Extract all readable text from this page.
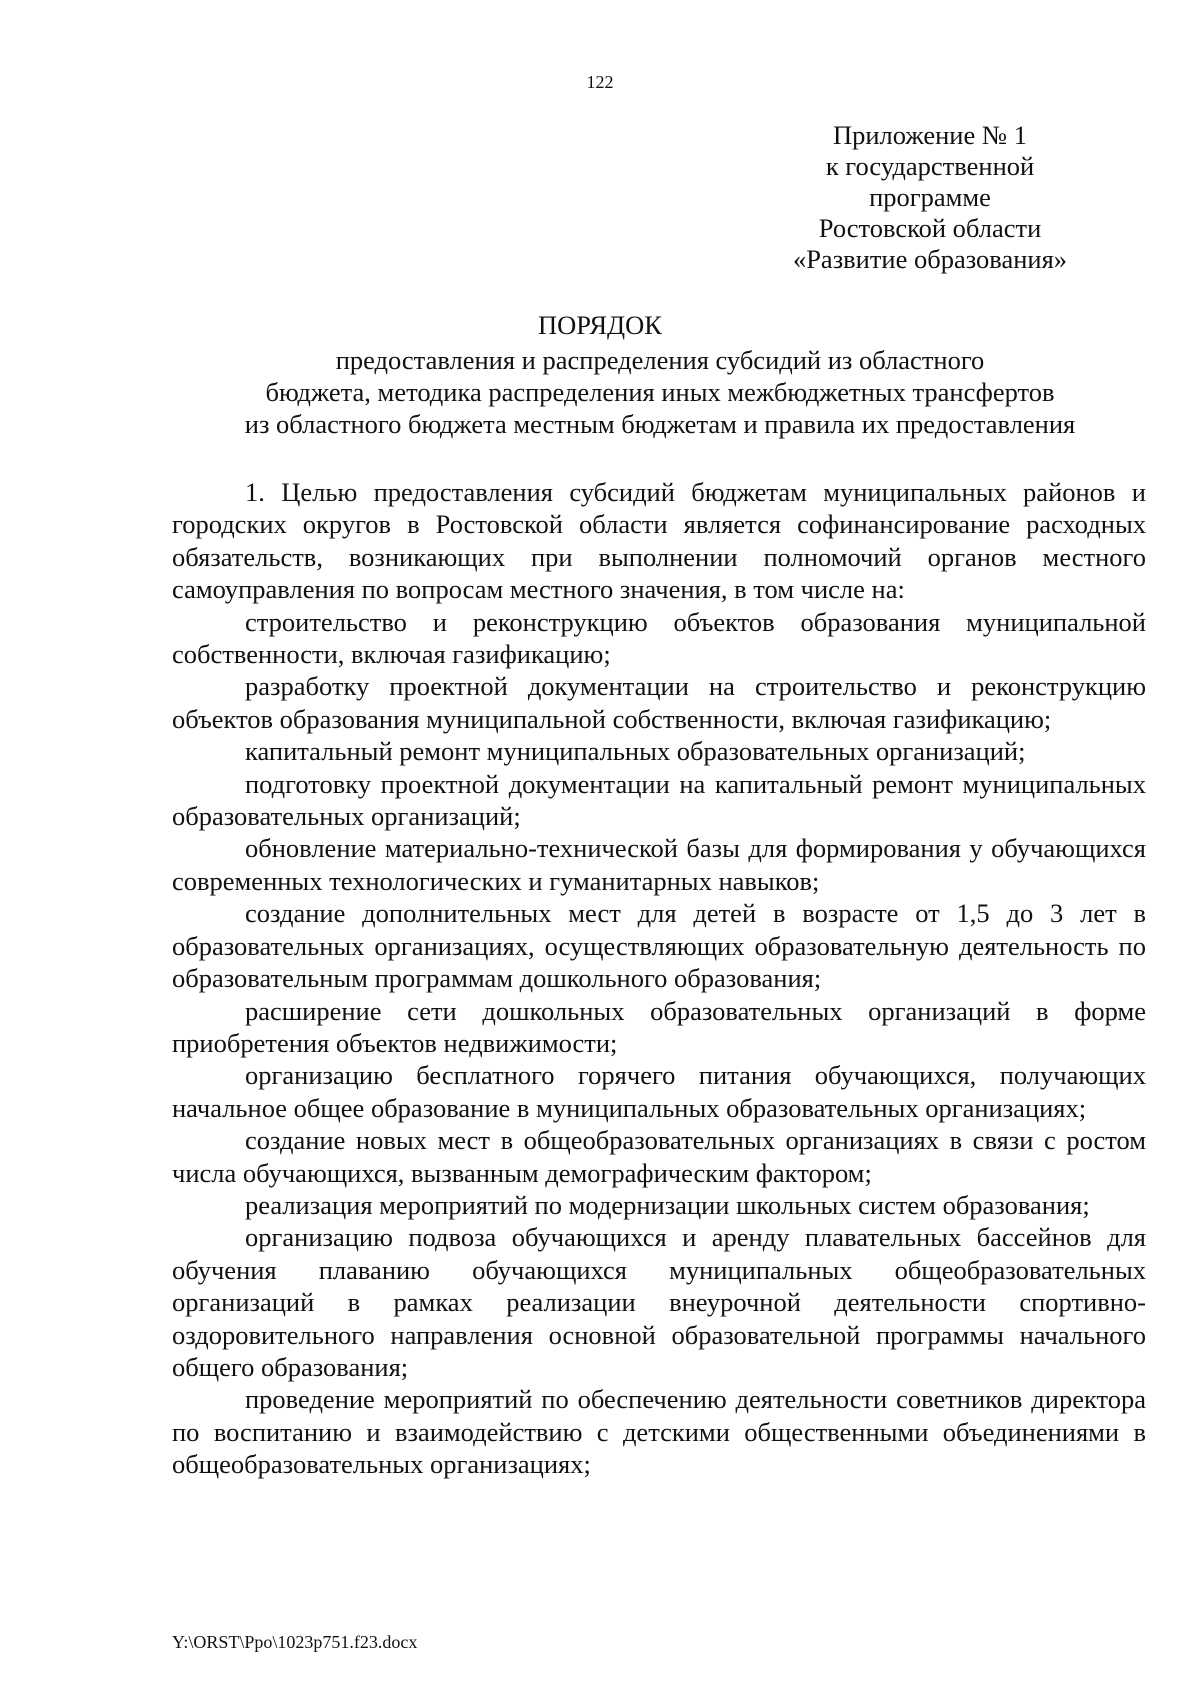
122
Приложение № 1
к государственной
программе
Ростовской области
«Развитие образования»
ПОРЯДОК
предоставления и распределения субсидий из областного
бюджета, методика распределения иных межбюджетных трансфертов
из областного бюджета местным бюджетам и правила их предоставления

1. Целью предоставления субсидий бюджетам муниципальных районов и городских округов в Ростовской области является софинансирование расходных обязательств, возникающих при выполнении полномочий органов местного самоуправления по вопросам местного значения, в том числе на:

строительство и реконструкцию объектов образования муниципальной собственности, включая газификацию;

разработку проектной документации на строительство и реконструкцию объектов образования муниципальной собственности, включая газификацию;

капитальный ремонт муниципальных образовательных организаций;

подготовку проектной документации на капитальный ремонт муниципальных образовательных организаций;

обновление материально-технической базы для формирования у обучающихся современных технологических и гуманитарных навыков;

создание дополнительных мест для детей в возрасте от 1,5 до 3 лет в образовательных организациях, осуществляющих образовательную деятельность по образовательным программам дошкольного образования;

расширение сети дошкольных образовательных организаций в форме приобретения объектов недвижимости;

организацию бесплатного горячего питания обучающихся, получающих начальное общее образование в муниципальных образовательных организациях;

создание новых мест в общеобразовательных организациях в связи с ростом числа обучающихся, вызванным демографическим фактором;

реализация мероприятий по модернизации школьных систем образования;

организацию подвоза обучающихся и аренду плавательных бассейнов для обучения плаванию обучающихся муниципальных общеобразовательных организаций в рамках реализации внеурочной деятельности спортивно-оздоровительного направления основной образовательной программы начального общего образования;

проведение мероприятий по обеспечению деятельности советников директора по воспитанию и взаимодействию с детскими общественными объединениями в общеобразовательных организациях;

Y:\ORST\Ppo\1023p751.f23.docx
